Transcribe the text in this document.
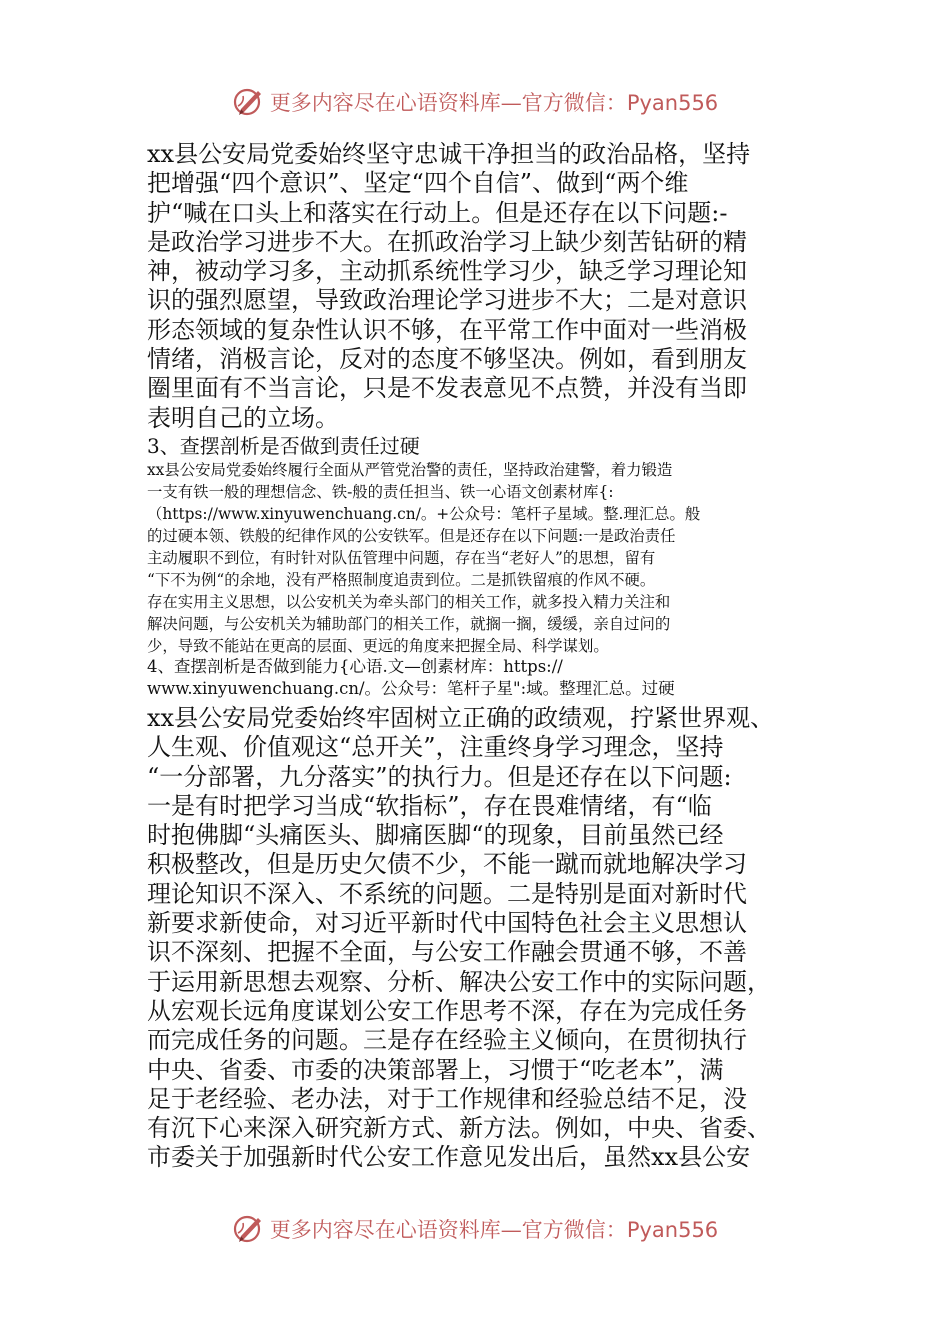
更多内容尽在心语资料库—官方微信：Pyan556

xx县公安局党委始终坚守忠诚干净担当的政治品格，坚持

把增强“四个意识”、坚定“四个自信”、做到“两个维

护“喊在口头上和落实在行动上。但是还存在以下问题:-

是政治学习进步不大。在抓政治学习上缺少刻苦钻研的精

神，被动学习多，主动抓系统性学习少，缺乏学习理论知

识的强烈愿望，导致政治理论学习进步不大；二是对意识

形态领域的复杂性认识不够，在平常工作中面对一些消极

情绪，消极言论，反对的态度不够坚决。例如，看到朋友

圈里面有不当言论，只是不发表意见不点赞，并没有当即

表明自己的立场。

3、查摆剖析是否做到责任过硬

xx县公安局党委始终履行全面从严管党治警的责任，坚持政治建警，着力锻造

一支有铁一般的理想信念、铁-般的责任担当、铁一心语文创素材库{:

（https://www.xinyuwenchuang.cn/。+公众号：笔杆子星域。整.理汇总。般

的过硬本领、铁般的纪律作风的公安铁军。但是还存在以下问题:一是政治责任

主动履职不到位，有时针对队伍管理中问题，存在当“老好人”的思想，留有

“下不为例“的余地，没有严格照制度追责到位。二是抓铁留痕的作风不硬。

存在实用主义思想，以公安机关为牵头部门的相关工作，就多投入精力关注和

解决问题，与公安机关为辅助部门的相关工作，就搁一搁，缓缓，亲自过问的

少，导致不能站在更高的层面、更远的角度来把握全局、科学谋划。

4、查摆剖析是否做到能力{心语.文—创素材库：https://

www.xinyuwenchuang.cn/。公众号：笔杆子星":域。整理汇总。过硬

xx县公安局党委始终牢固树立正确的政绩观，拧紧世界观、

人生观、价值观这“总开关”，注重终身学习理念，坚持

“一分部署，九分落实”的执行力。但是还存在以下问题:

一是有时把学习当成“软指标”，存在畏难情绪，有“临

时抱佛脚“头痛医头、脚痛医脚“的现象，目前虽然已经

积极整改，但是历史欠债不少，不能一蹴而就地解决学习

理论知识不深入、不系统的问题。二是特别是面对新时代

新要求新使命，对习近平新时代中国特色社会主义思想认

识不深刻、把握不全面，与公安工作融会贯通不够，不善

于运用新思想去观察、分析、解决公安工作中的实际问题，

从宏观长远角度谋划公安工作思考不深，存在为完成任务

而完成任务的问题。三是存在经验主义倾向，在贯彻执行

中央、省委、市委的决策部署上，习惯于“吃老本”，满

足于老经验、老办法，对于工作规律和经验总结不足，没

有沉下心来深入研究新方式、新方法。例如，中央、省委、

市委关于加强新时代公安工作意见发出后，虽然xx县公安

更多内容尽在心语资料库—官方微信：Pyan556
